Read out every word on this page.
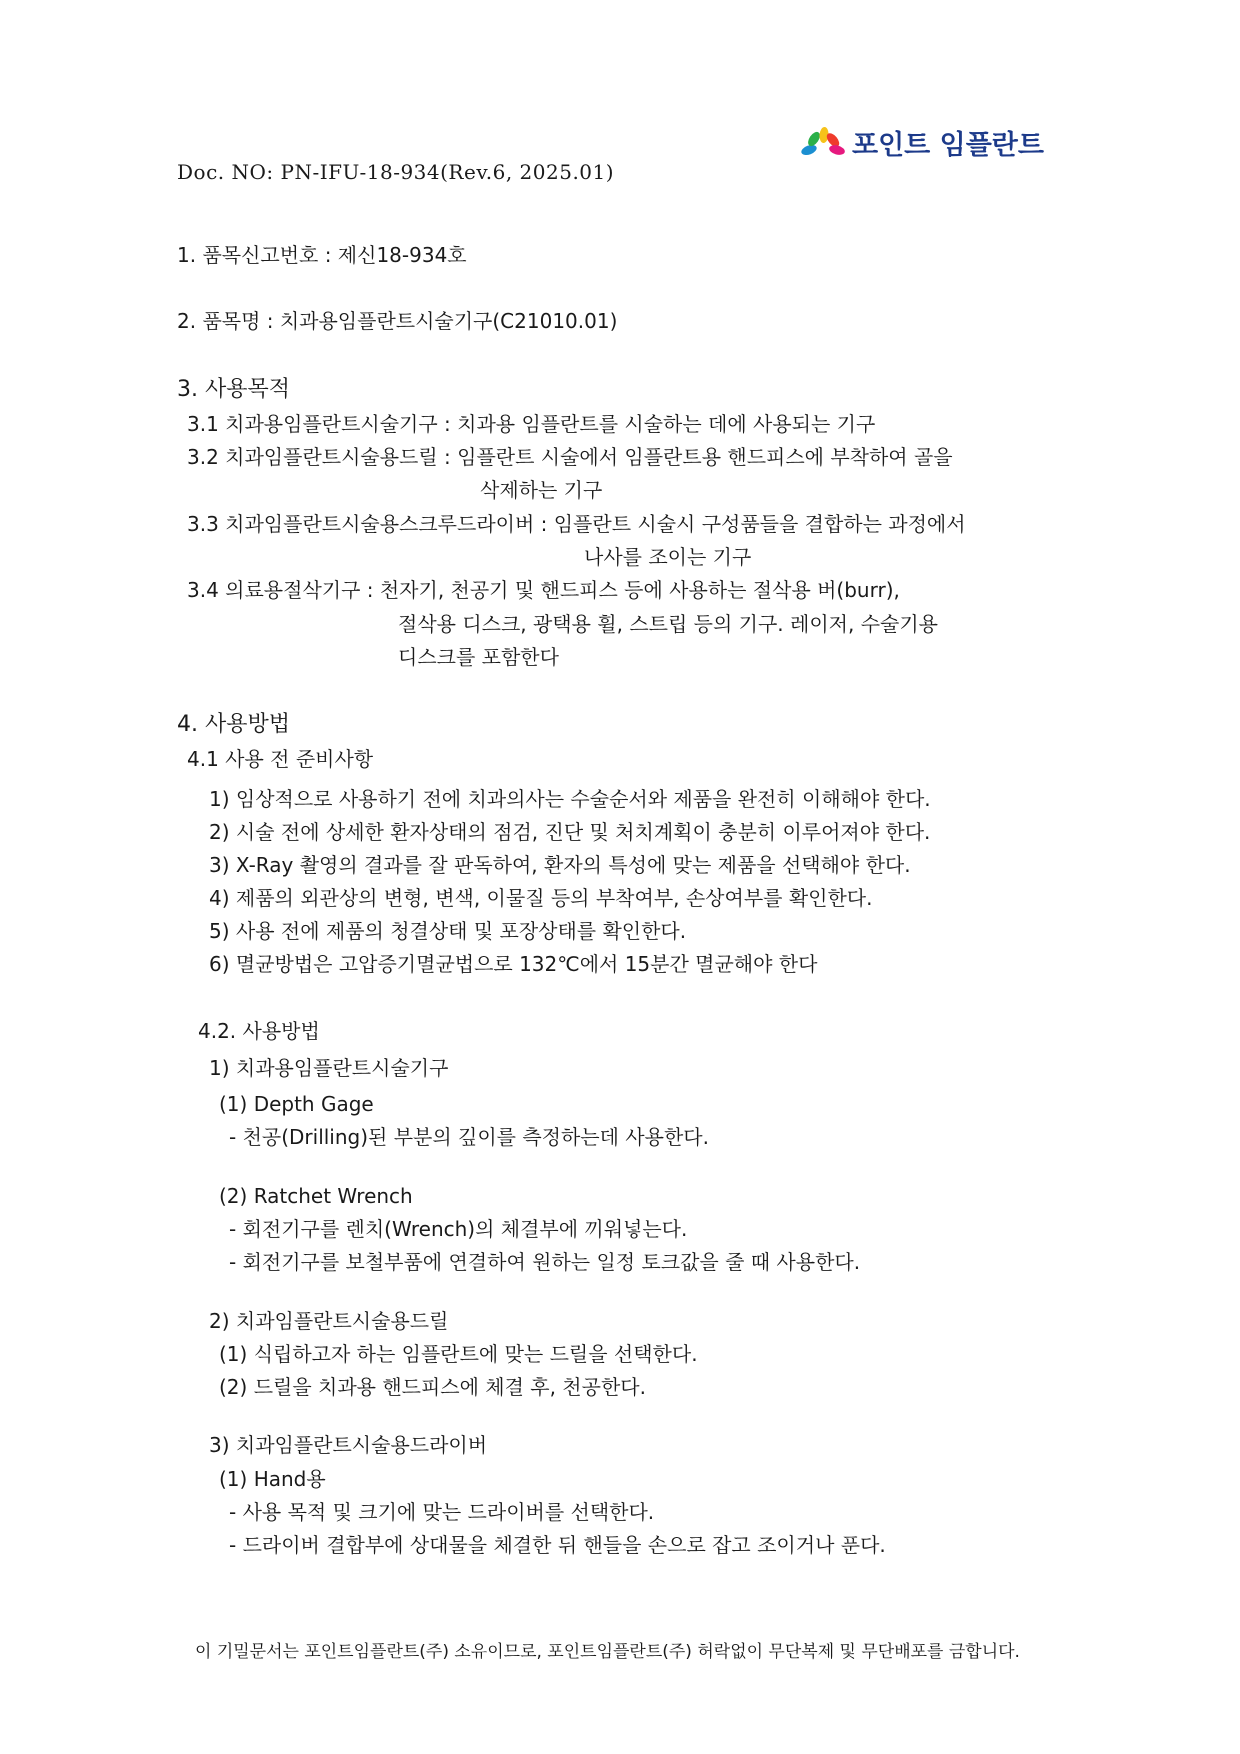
포인트 임플란트
Doc. NO: PN-IFU-18-934(Rev.6, 2025.01)
1. 품목신고번호 : 제신18-934호
2. 품목명 : 치과용임플란트시술기구(C21010.01)
3. 사용목적
3.1 치과용임플란트시술기구 : 치과용 임플란트를 시술하는 데에 사용되는 기구
3.2 치과임플란트시술용드릴 : 임플란트 시술에서 임플란트용 핸드피스에 부착하여 골을
삭제하는 기구
3.3 치과임플란트시술용스크루드라이버 : 임플란트 시술시 구성품들을 결합하는 과정에서
나사를 조이는 기구
3.4 의료용절삭기구 : 천자기, 천공기 및 핸드피스 등에 사용하는 절삭용 버(burr),
절삭용 디스크, 광택용 휠, 스트립 등의 기구. 레이저, 수술기용
디스크를 포함한다
4. 사용방법
4.1 사용 전 준비사항
1) 임상적으로 사용하기 전에 치과의사는 수술순서와 제품을 완전히 이해해야 한다.
2) 시술 전에 상세한 환자상태의 점검, 진단 및 처치계획이 충분히 이루어져야 한다.
3) X-Ray 촬영의 결과를 잘 판독하여, 환자의 특성에 맞는 제품을 선택해야 한다.
4) 제품의 외관상의 변형, 변색, 이물질 등의 부착여부, 손상여부를 확인한다.
5) 사용 전에 제품의 청결상태 및 포장상태를 확인한다.
6) 멸균방법은 고압증기멸균법으로 132℃에서 15분간 멸균해야 한다
4.2. 사용방법
1) 치과용임플란트시술기구
(1) Depth Gage
- 천공(Drilling)된 부분의 깊이를 측정하는데 사용한다.
(2) Ratchet Wrench
- 회전기구를 렌치(Wrench)의 체결부에 끼워넣는다.
- 회전기구를 보철부품에 연결하여 원하는 일정 토크값을 줄 때 사용한다.
2) 치과임플란트시술용드릴
(1) 식립하고자 하는 임플란트에 맞는 드릴을 선택한다.
(2) 드릴을 치과용 핸드피스에 체결 후, 천공한다.
3) 치과임플란트시술용드라이버
(1) Hand용
- 사용 목적 및 크기에 맞는 드라이버를 선택한다.
- 드라이버 결합부에 상대물을 체결한 뒤 핸들을 손으로 잡고 조이거나 푼다.
이 기밀문서는 포인트임플란트(주) 소유이므로, 포인트임플란트(주) 허락없이 무단복제 및 무단배포를 금합니다.
